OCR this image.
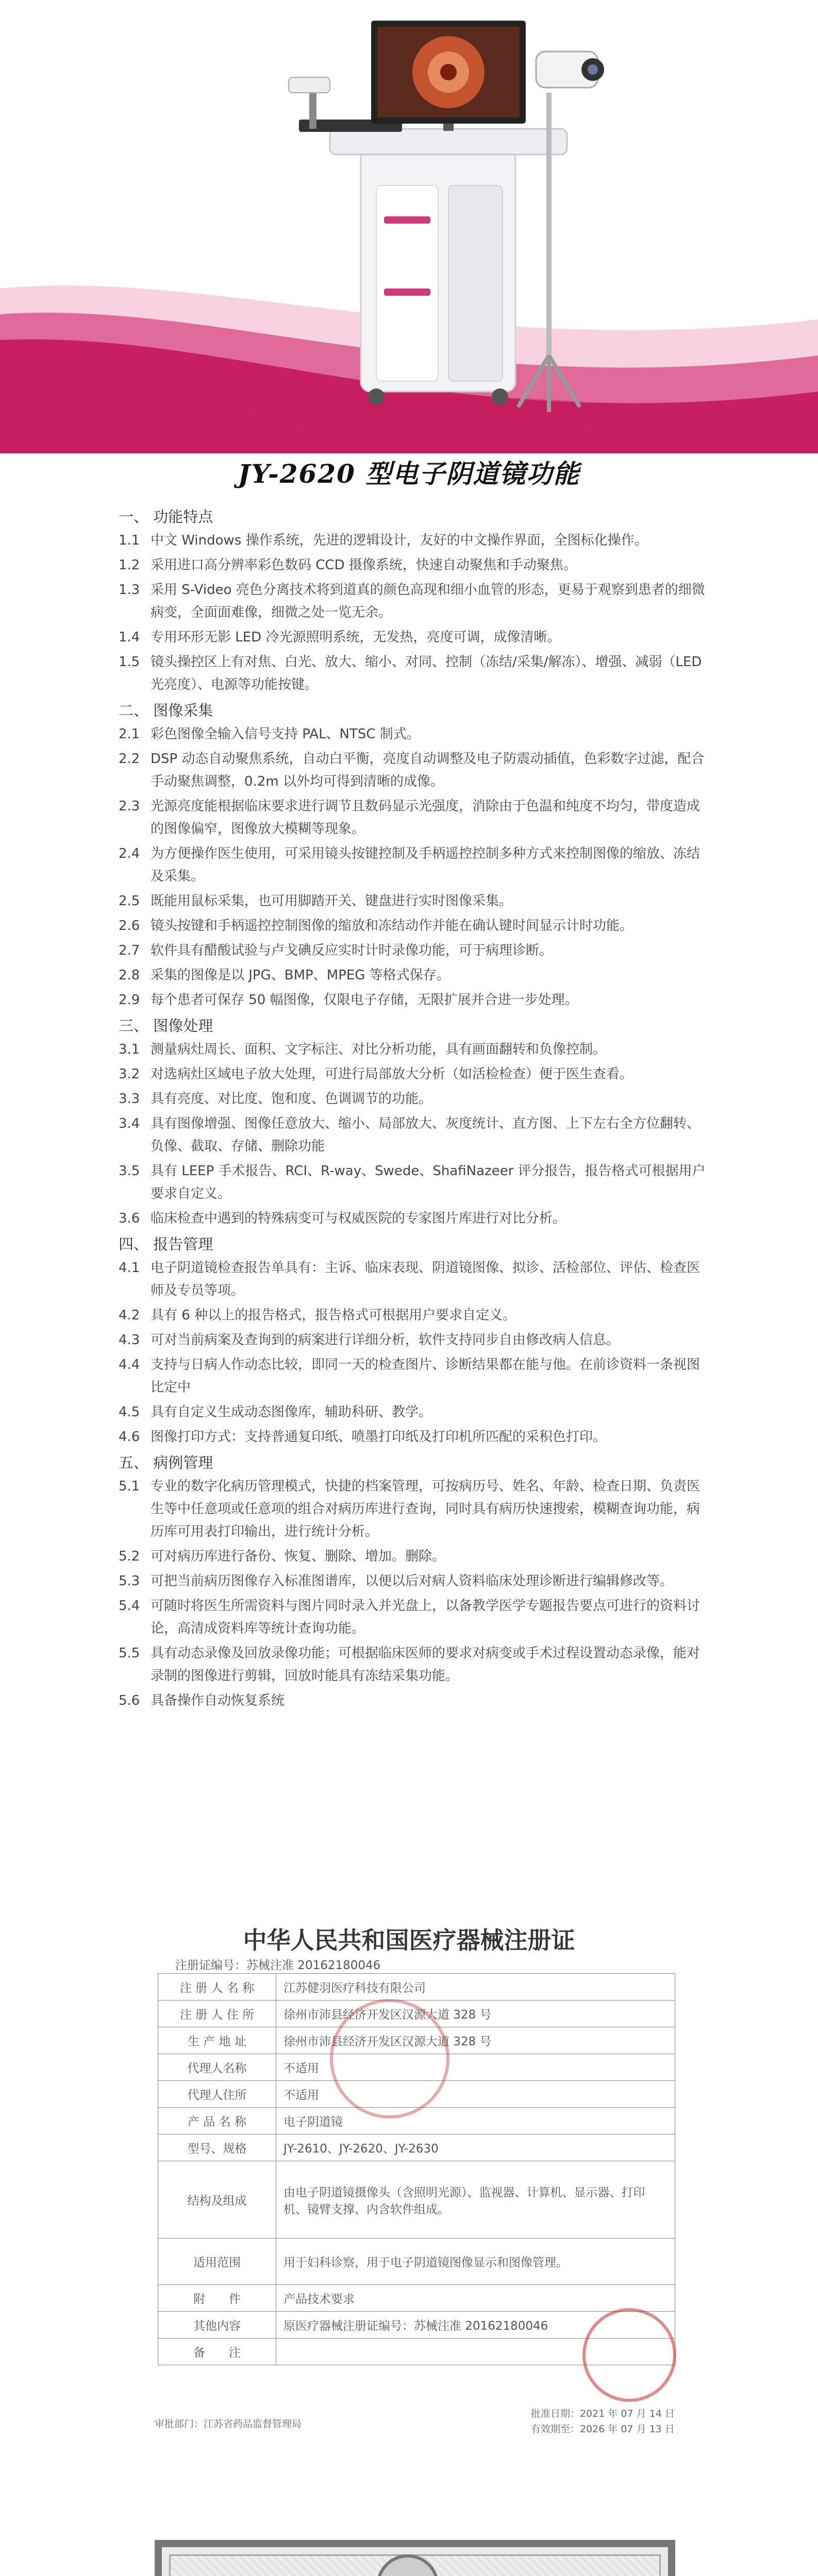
JY-2620 型电子阴道镜功能
一、 功能特点
1.1 中文 Windows 操作系统，先进的逻辑设计，友好的中文操作界面，全图标化操作。
1.2 采用进口高分辨率彩色数码 CCD 摄像系统，快速自动聚焦和手动聚焦。
1.3 采用 S-Video 亮色分离技术将到道真的颜色高现和细小血管的形态，更易于观察到患者的细微病变，全面面难像，细微之处一览无余。
1.4 专用环形无影 LED 冷光源照明系统，无发热，亮度可调，成像清晰。
1.5 镜头操控区上有对焦、白光、放大、缩小、对同、控制（冻结/采集/解冻）、增强、减弱（LED 光亮度）、电源等功能按键。
二、 图像采集
2.1 彩色图像全输入信号支持 PAL、NTSC 制式。
2.2 DSP 动态自动聚焦系统，自动白平衡，亮度自动调整及电子防震动插值，色彩数字过滤，配合手动聚焦调整，0.2m 以外均可得到清晰的成像。
2.3 光源亮度能根据临床要求进行调节且数码显示光强度，消除由于色温和纯度不均匀，带度造成的图像偏窄，图像放大模糊等现象。
2.4 为方便操作医生使用，可采用镜头按键控制及手柄遥控控制多种方式来控制图像的缩放、冻结及采集。
2.5 既能用鼠标采集，也可用脚踏开关、键盘进行实时图像采集。
2.6 镜头按键和手柄遥控控制图像的缩放和冻结动作并能在确认键时间显示计时功能。
2.7 软件具有醋酸试验与卢戈碘反应实时计时录像功能，可于病理诊断。
2.8 采集的图像是以 JPG、BMP、MPEG 等格式保存。
2.9 每个患者可保存 50 幅图像，仅限电子存储，无限扩展并合进一步处理。
三、 图像处理
3.1 测量病灶周长、面积、文字标注、对比分析功能，具有画面翻转和负像控制。
3.2 对选病灶区域电子放大处理，可进行局部放大分析（如活检检查）便于医生查看。
3.3 具有亮度、对比度、饱和度、色调调节的功能。
3.4 具有图像增强、图像任意放大、缩小、局部放大、灰度统计、直方图、上下左右全方位翻转、负像、截取、存储、删除功能
3.5 具有 LEEP 手术报告、RCI、R-way、Swede、ShafiNazeer 评分报告，报告格式可根据用户要求自定义。
3.6 临床检查中遇到的特殊病变可与权威医院的专家图片库进行对比分析。
四、 报告管理
4.1 电子阴道镜检查报告单具有：主诉、临床表现、阴道镜图像、拟诊、活检部位、评估、检查医师及专员等项。
4.2 具有 6 种以上的报告格式，报告格式可根据用户要求自定义。
4.3 可对当前病案及查询到的病案进行详细分析，软件支持同步自由修改病人信息。
4.4 支持与日病人作动态比较，即同一天的检查图片、诊断结果都在能与他。在前诊资料一条视图比定中
4.5 具有自定义生成动态图像库，辅助科研、教学。
4.6 图像打印方式：支持普通复印纸、喷墨打印纸及打印机所匹配的采积色打印。
五、 病例管理
5.1 专业的数字化病历管理模式，快捷的档案管理，可按病历号、姓名、年龄、检查日期、负责医生等中任意项或任意项的组合对病历库进行查询，同时具有病历快速搜索，模糊查询功能，病历库可用表打印输出，进行统计分析。
5.2 可对病历库进行备份、恢复、删除、增加。删除。
5.3 可把当前病历图像存入标准图谱库，以便以后对病人资料临床处理诊断进行编辑修改等。
5.4 可随时将医生所需资料与图片同时录入并光盘上，以备教学医学专题报告要点可进行的资料讨论，高清成资料库等统计查询功能。
5.5 具有动态录像及回放录像功能；可根据临床医师的要求对病变或手术过程设置动态录像，能对录制的图像进行剪辑，回放时能具有冻结采集功能。
5.6 具备操作自动恢复系统
中华人民共和国医疗器械注册证
注册证编号：苏械注准 20162180046
注 册 人 名 称	江苏健羽医疗科技有限公司
注 册 人 住 所	徐州市沛县经济开发区汉源大道 328 号
生 产 地 址	徐州市沛县经济开发区汉源大道 328 号
代理人名称	不适用
代理人住所	不适用
产 品 名 称	电子阴道镜
型号、规格	JY-2610、JY-2620、JY-2630
结构及组成	由电子阴道镜摄像头（含照明光源）、监视器、计算机、显示器、打印机、镜臂支撑、内含软件组成。
适用范围	用于妇科诊察，用于电子阴道镜图像显示和图像管理。
附　　件	产品技术要求
其他内容	原医疗器械注册证编号：苏械注准 20162180046
备　　注	
审批部门：江苏省药品监督管理局
批准日期：2021 年 07 月 14 日
有效期至：2026 年 07 月 13 日
